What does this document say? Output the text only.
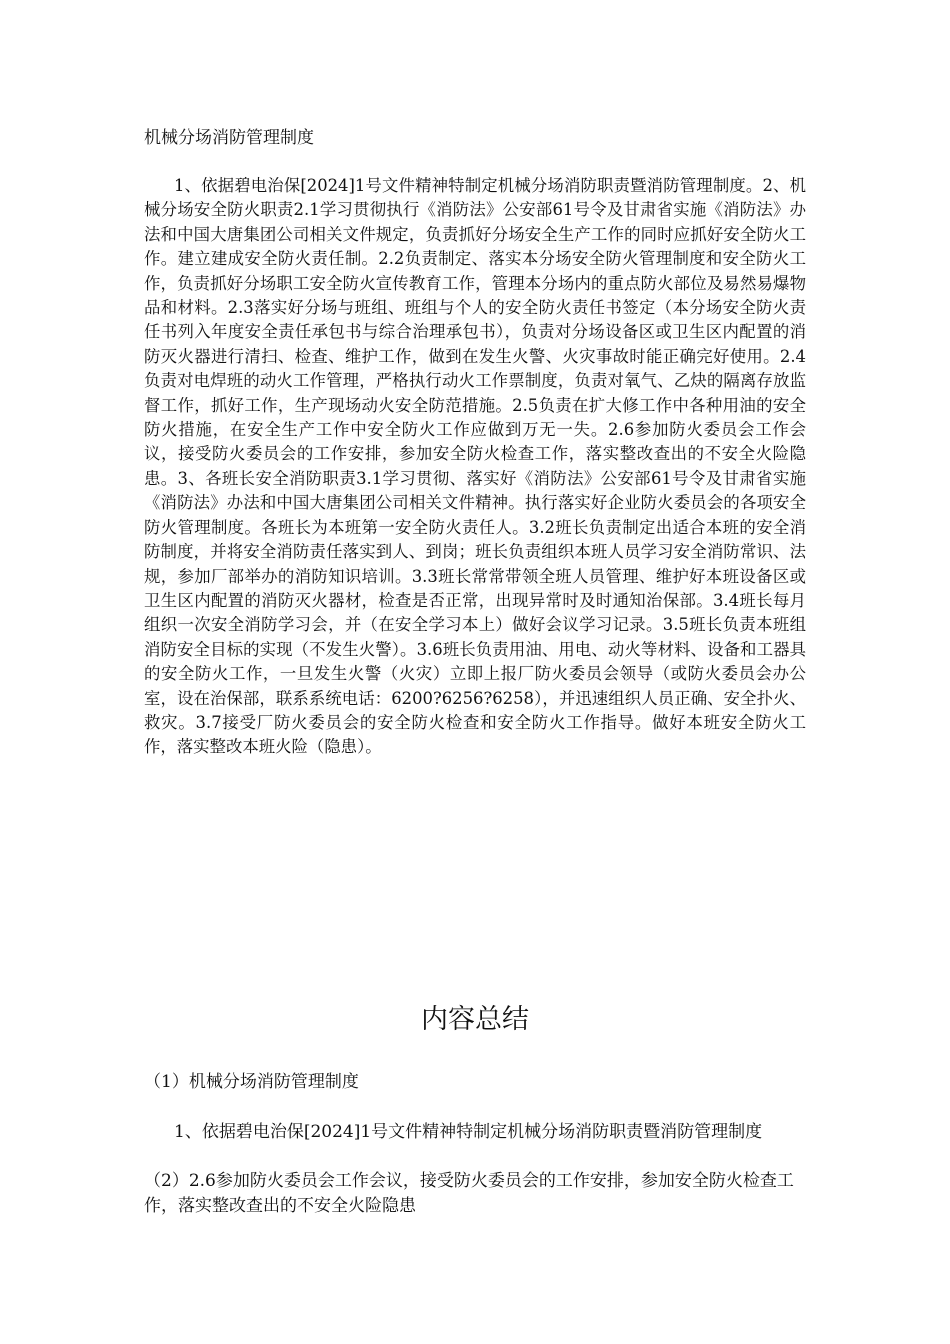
机械分场消防管理制度

1、依据碧电治保[2024]1号文件精神特制定机械分场消防职责暨消防管理制度。2、机械分场安全防火职责2.1学习贯彻执行《消防法》公安部61号令及甘肃省实施《消防法》办法和中国大唐集团公司相关文件规定，负责抓好分场安全生产工作的同时应抓好安全防火工作。建立建成安全防火责任制。2.2负责制定、落实本分场安全防火管理制度和安全防火工作，负责抓好分场职工安全防火宣传教育工作，管理本分场内的重点防火部位及易然易爆物品和材料。2.3落实好分场与班组、班组与个人的安全防火责任书签定（本分场安全防火责任书列入年度安全责任承包书与综合治理承包书），负责对分场设备区或卫生区内配置的消防灭火器进行清扫、检查、维护工作，做到在发生火警、火灾事故时能正确完好使用。2.4负责对电焊班的动火工作管理，严格执行动火工作票制度，负责对氧气、乙炔的隔离存放监督工作，抓好工作，生产现场动火安全防范措施。2.5负责在扩大修工作中各种用油的安全防火措施，在安全生产工作中安全防火工作应做到万无一失。2.6参加防火委员会工作会议，接受防火委员会的工作安排，参加安全防火检查工作，落实整改查出的不安全火险隐患。3、各班长安全消防职责3.1学习贯彻、落实好《消防法》公安部61号令及甘肃省实施《消防法》办法和中国大唐集团公司相关文件精神。执行落实好企业防火委员会的各项安全防火管理制度。各班长为本班第一安全防火责任人。3.2班长负责制定出适合本班的安全消防制度，并将安全消防责任落实到人、到岗；班长负责组织本班人员学习安全消防常识、法规，参加厂部举办的消防知识培训。3.3班长常常带领全班人员管理、维护好本班设备区或卫生区内配置的消防灭火器材，检查是否正常，出现异常时及时通知治保部。3.4班长每月组织一次安全消防学习会，并（在安全学习本上）做好会议学习记录。3.5班长负责本班组消防安全目标的实现（不发生火警）。3.6班长负责用油、用电、动火等材料、设备和工器具的安全防火工作，一旦发生火警（火灾）立即上报厂防火委员会领导（或防火委员会办公室，设在治保部，联系系统电话：6200?6256?6258），并迅速组织人员正确、安全扑火、救灾。3.7接受厂防火委员会的安全防火检查和安全防火工作指导。做好本班安全防火工作，落实整改本班火险（隐患）。

内容总结

（1）机械分场消防管理制度

1、依据碧电治保[2024]1号文件精神特制定机械分场消防职责暨消防管理制度

（2）2.6参加防火委员会工作会议，接受防火委员会的工作安排，参加安全防火检查工作，落实整改查出的不安全火险隐患
